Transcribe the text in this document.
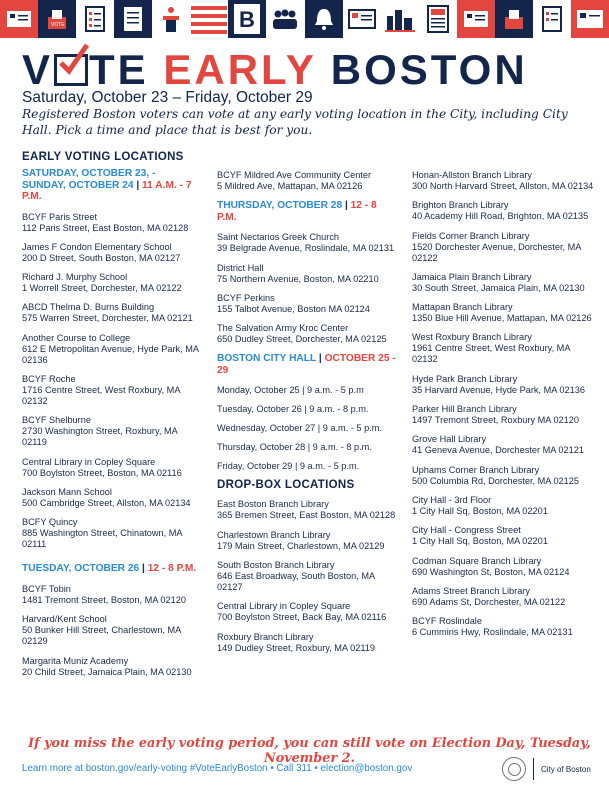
VOTE	B
V TE EARLY BOSTON
Saturday, October 23 – Friday, October 29
Registered Boston voters can vote at any early voting location in the City, including City Hall. Pick a time and place that is best for you.
EARLY VOTING LOCATIONS
SATURDAY, OCTOBER 23, - SUNDAY, OCTOBER 24 | 11 A.M. - 7 P.M.
BCYF Paris Street
112 Paris Street, East Boston, MA 02128
James F Condon Elementary School
200 D Street, South Boston, MA 02127
Richard J. Murphy School
1 Worrell Street, Dorchester, MA 02122
ABCD Thelma D. Burns Building
575 Warren Street, Dorchester, MA 02121
Another Course to College
612 E Metropolitan Avenue, Hyde Park, MA 02136
BCYF Roche
1716 Centre Street, West Roxbury, MA 02132
BCYF Shelburne
2730 Washington Street, Roxbury, MA 02119
Central Library in Copley Square
700 Boylston Street, Boston, MA 02116
Jackson Mann School
500 Cambridge Street, Allston, MA 02134
BCFY Quincy
885 Washington Street, Chinatown, MA 02111
TUESDAY, OCTOBER 26 | 12 - 8 P.M.
BCYF Tobin
1481 Tremont Street, Boston, MA 02120
Harvard/Kent School
50 Bunker Hill Street, Charlestown, MA 02129
Margarita Muniz Academy
20 Child Street, Jamaica Plain, MA 02130
BCYF Mildred Ave Community Center
5 Mildred Ave, Mattapan, MA 02126
THURSDAY, OCTOBER 28 | 12 - 8 P.M.
Saint Nectarios Greek Church
39 Belgrade Avenue, Roslindale, MA 02131
District Hall
75 Northern Avenue, Boston, MA 02210
BCYF Perkins
155 Talbot Avenue, Boston MA 02124
The Salvation Army Kroc Center
650 Dudley Street, Dorchester, MA 02125
BOSTON CITY HALL | OCTOBER 25 - 29
Monday, October 25 | 9 a.m. - 5 p.m
Tuesday, October 26 | 9 a.m. - 8 p.m.
Wednesday, October 27 | 9 a.m. - 5 p.m.
Thursday, October 28 | 9 a.m. - 8 p.m.
Friday, October 29 | 9 a.m. - 5 p.m.
DROP-BOX LOCATIONS
East Boston Branch Library
365 Bremen Street, East Boston, MA 02128
Charlestown Branch Library
179 Main Street, Charlestown, MA 02129
South Boston Branch Library
646 East Broadway, South Boston, MA 02127
Central Library in Copley Square
700 Boylston Street, Back Bay, MA 02116
Roxbury Branch Library
149 Dudley Street, Roxbury, MA 02119
Honan-Allston Branch Library
300 North Harvard Street, Allston, MA 02134
Brighton Branch Library
40 Academy Hill Road, Brighton, MA 02135
Fields Corner Branch Library
1520 Dorchester Avenue, Dorchester, MA 02122
Jamaica Plain Branch Library
30 South Street, Jamaica Plain, MA 02130
Mattapan Branch Library
1350 Blue Hill Avenue, Mattapan, MA 02126
West Roxbury Branch Library
1961 Centre Street, West Roxbury, MA 02132
Hyde Park Branch Library
35 Harvard Avenue, Hyde Park, MA 02136
Parker Hill Branch Library
1497 Tremont Street, Roxbury MA 02120
Grove Hall Library
41 Geneva Avenue, Dorchester MA 02121
Uphams Corner Branch Library
500 Columbia Rd, Dorchester, MA 02125
City Hall - 3rd Floor
1 City Hall Sq, Boston, MA 02201
City Hall - Congress Street
1 City Hall Sq, Boston, MA 02201
Codman Square Branch Library
690 Washington St, Boston, MA 02124
Adams Street Branch Library
690 Adams St, Dorchester, MA 02122
BCYF Roslindale
6 Cummins Hwy, Roslindale, MA 02131
If you miss the early voting period, you can still vote on Election Day, Tuesday, November 2.
Learn more at boston.gov/early-voting #VoteEarlyBoston • Call 311 • election@boston.gov	City of Boston
